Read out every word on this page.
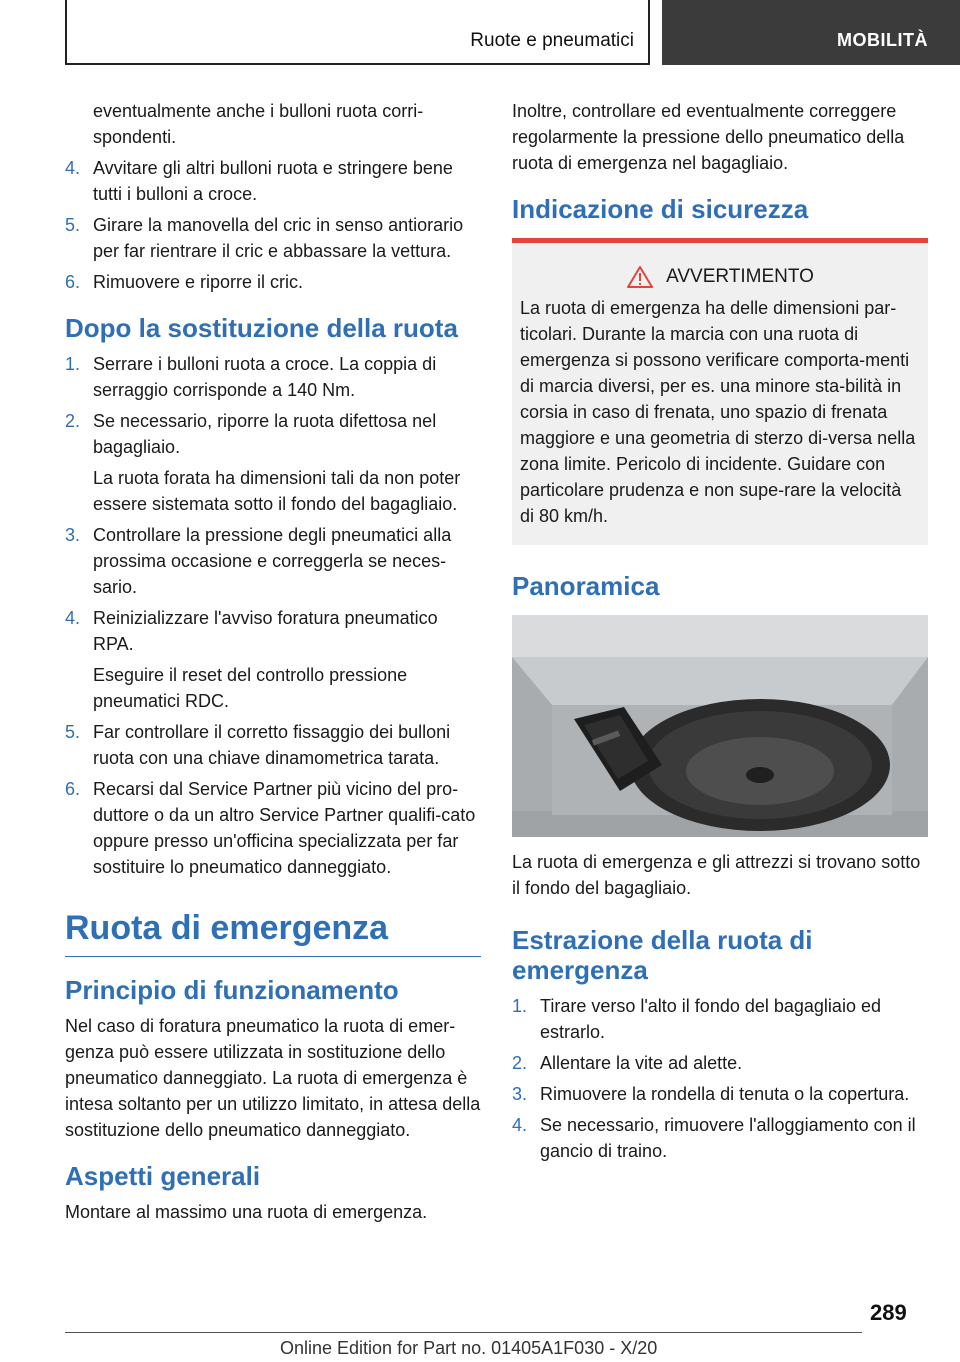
Ruote e pneumatici	MOBILITÀ

eventualmente anche i bulloni ruota corri-spondenti.

4. Avvitare gli altri bulloni ruota e stringere bene tutti i bulloni a croce.
5. Girare la manovella del cric in senso antiorario per far rientrare il cric e abbassare la vettura.
6. Rimuovere e riporre il cric.
Dopo la sostituzione della ruota
1. Serrare i bulloni ruota a croce. La coppia di serraggio corrisponde a 140 Nm.
2. Se necessario, riporre la ruota difettosa nel bagagliaio.

La ruota forata ha dimensioni tali da non poter essere sistemata sotto il fondo del bagagliaio.

3. Controllare la pressione degli pneumatici alla prossima occasione e correggerla se neces-sario.
4. Reinizializzare l'avviso foratura pneumatico RPA.

Eseguire il reset del controllo pressione pneumatici RDC.

5. Far controllare il corretto fissaggio dei bulloni ruota con una chiave dinamometrica tarata.
6. Recarsi dal Service Partner più vicino del pro-duttore o da un altro Service Partner qualifi-cato oppure presso un'officina specializzata per far sostituire lo pneumatico danneggiato.
Ruota di emergenza
Principio di funzionamento

Nel caso di foratura pneumatico la ruota di emer-genza può essere utilizzata in sostituzione dello pneumatico danneggiato. La ruota di emergenza è intesa soltanto per un utilizzo limitato, in attesa della sostituzione dello pneumatico danneggiato.

Aspetti generali

Montare al massimo una ruota di emergenza.

Inoltre, controllare ed eventualmente correggere regolarmente la pressione dello pneumatico della ruota di emergenza nel bagagliaio.

Indicazione di sicurezza
AVVERTIMENTO

La ruota di emergenza ha delle dimensioni par-ticolari. Durante la marcia con una ruota di emergenza si possono verificare comporta-menti di marcia diversi, per es. una minore sta-bilità in corsia in caso di frenata, uno spazio di frenata maggiore e una geometria di sterzo di-versa nella zona limite. Pericolo di incidente. Guidare con particolare prudenza e non supe-rare la velocità di 80 km/h.

Panoramica

La ruota di emergenza e gli attrezzi si trovano sotto il fondo del bagagliaio.

Estrazione della ruota di emergenza
1. Tirare verso l'alto il fondo del bagagliaio ed estrarlo.
2. Allentare la vite ad alette.
3. Rimuovere la rondella di tenuta o la copertura.
4. Se necessario, rimuovere l'alloggiamento con il gancio di traino.
289
Online Edition for Part no. 01405A1F030 - X/20
